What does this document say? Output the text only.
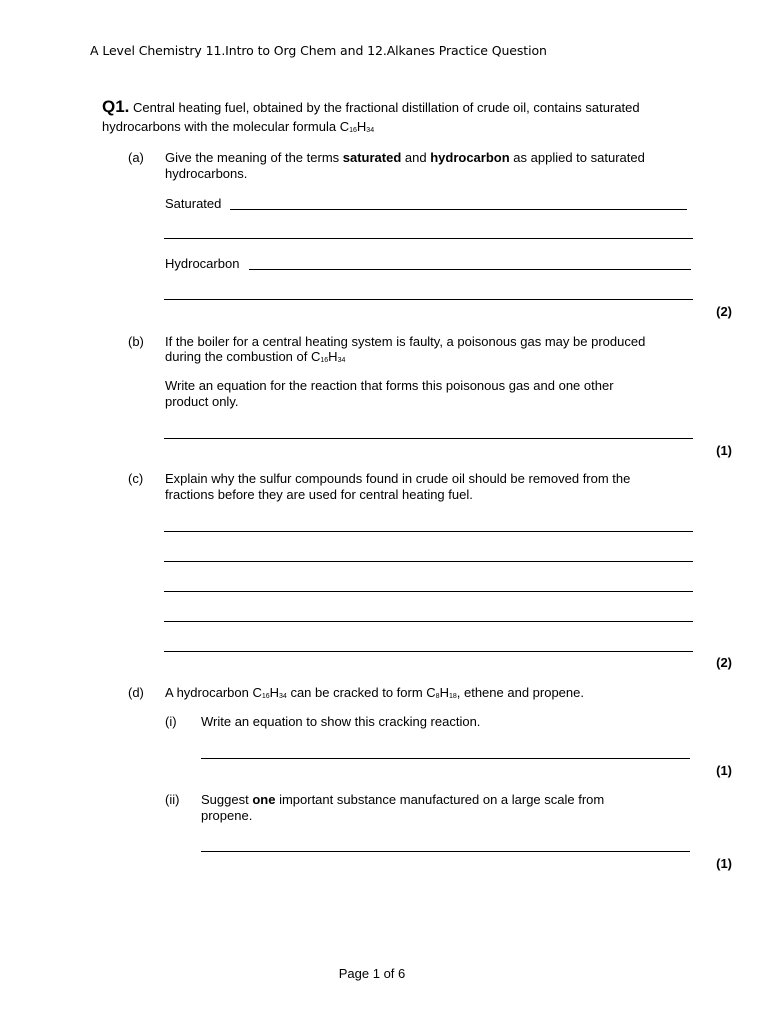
A Level Chemistry 11.Intro to Org Chem and 12.Alkanes Practice Question
Q1. Central heating fuel, obtained by the fractional distillation of crude oil, contains saturated
hydrocarbons with the molecular formula $C_{16}H_{34}$
(a) Give the meaning of the terms saturated and hydrocarbon as applied to saturated
hydrocarbons.
Saturated
Hydrocarbon
(2)
(b) If the boiler for a central heating system is faulty, a poisonous gas may be produced
during the combustion of $C_{16}H_{34}$
Write an equation for the reaction that forms this poisonous gas and one other
product only.
(1)
(c) Explain why the sulfur compounds found in crude oil should be removed from the
fractions before they are used for central heating fuel.
(2)
(d) A hydrocarbon $C_{16}H_{34}$ can be cracked to form $C_8H_{18}$, ethene and propene.
(i) Write an equation to show this cracking reaction.
(1)
(ii) Suggest one important substance manufactured on a large scale from
propene.
(1)
Page 1 of 6
